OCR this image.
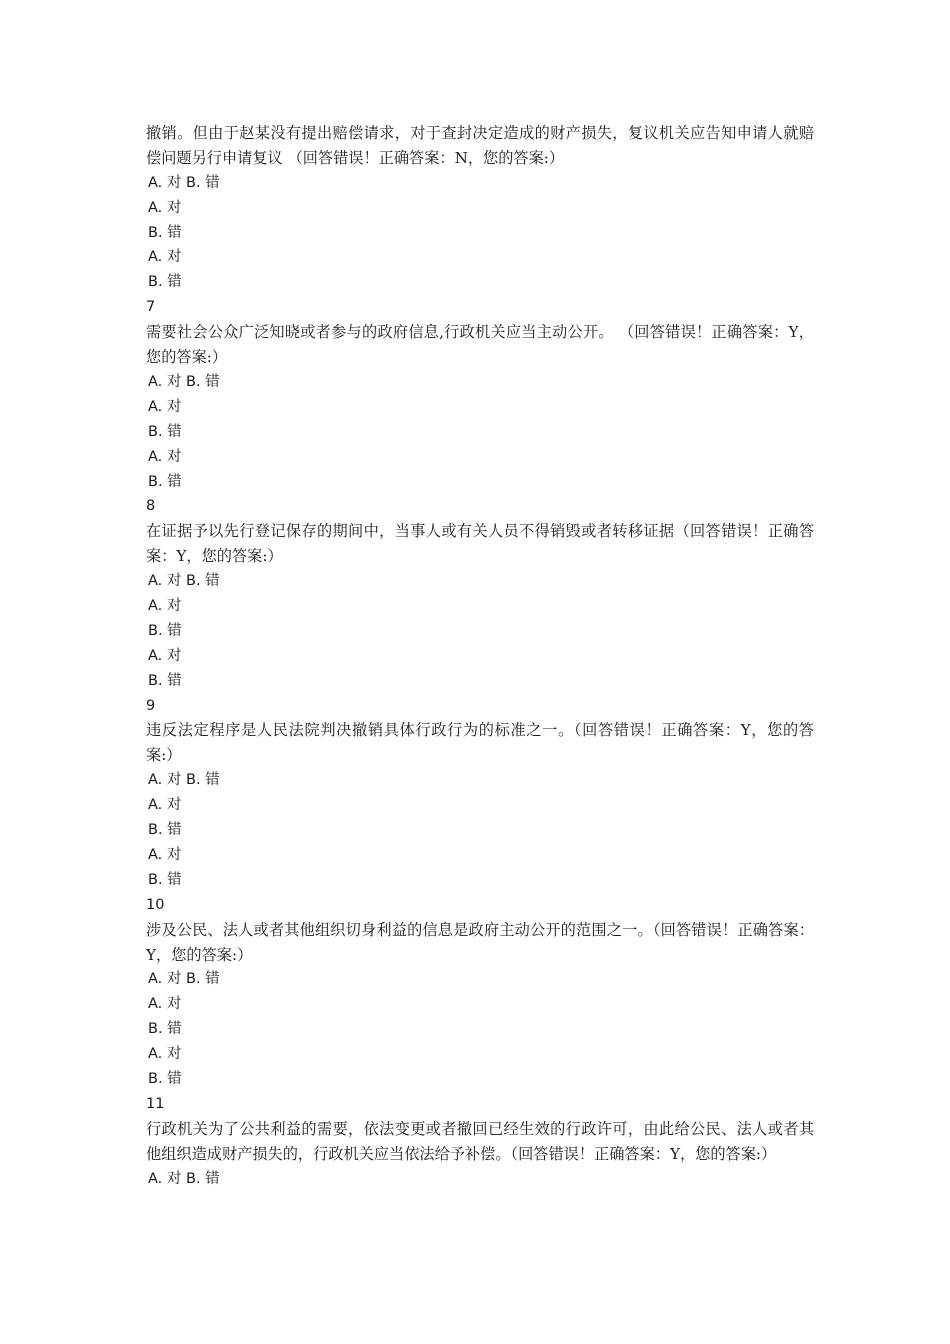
撤销。但由于赵某没有提出赔偿请求，对于查封决定造成的财产损失，复议机关应告知申请人就赔偿问题另行申请复议 （回答错误！正确答案：N，您的答案:）
A. 对 B. 错
A. 对
B. 错
A. 对
B. 错
7
需要社会公众广泛知晓或者参与的政府信息,行政机关应当主动公开。 （回答错误！正确答案：Y，您的答案:）
A. 对 B. 错
A. 对
B. 错
A. 对
B. 错
8
在证据予以先行登记保存的期间中，当事人或有关人员不得销毁或者转移证据（回答错误！正确答案：Y，您的答案:）
A. 对 B. 错
A. 对
B. 错
A. 对
B. 错
9
违反法定程序是人民法院判决撤销具体行政行为的标准之一。（回答错误！正确答案：Y，您的答案:）
A. 对 B. 错
A. 对
B. 错
A. 对
B. 错
10
涉及公民、法人或者其他组织切身利益的信息是政府主动公开的范围之一。（回答错误！正确答案：Y，您的答案:）
A. 对 B. 错
A. 对
B. 错
A. 对
B. 错
11
行政机关为了公共利益的需要，依法变更或者撤回已经生效的行政许可，由此给公民、法人或者其他组织造成财产损失的，行政机关应当依法给予补偿。（回答错误！正确答案：Y，您的答案:）
A. 对 B. 错
